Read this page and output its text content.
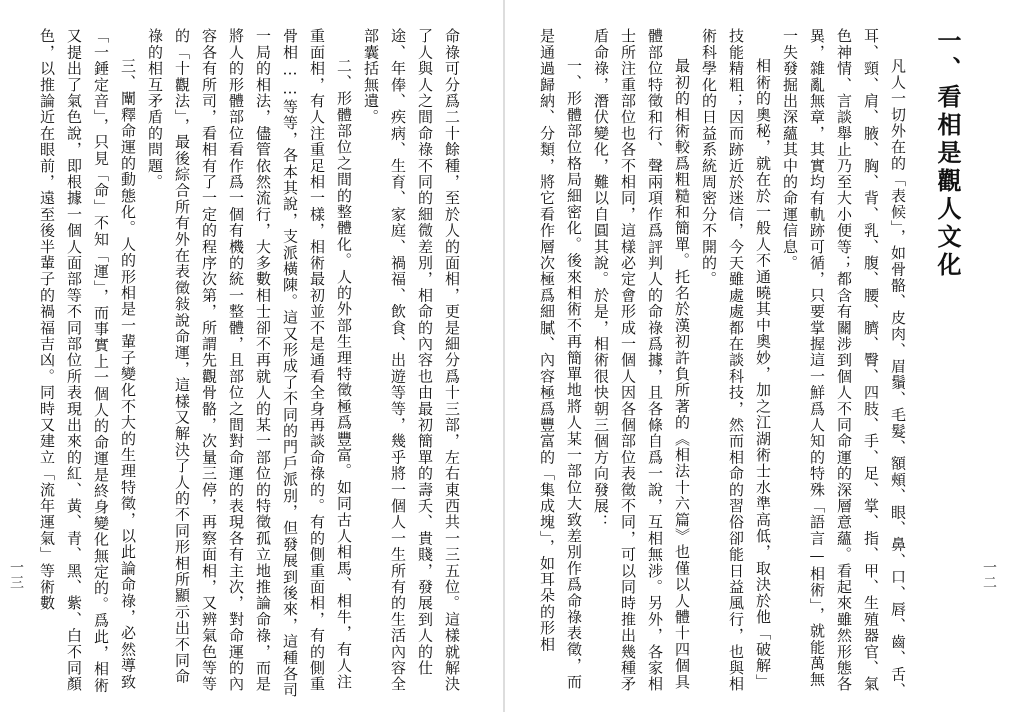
命祿可分爲二十餘種，至於人的面相，更是細分爲十三部，左右東西共一三五位。這樣就解決了人與人之間命祿不同的細微差別，相命的內容也由最初簡單的壽夭、貴賤，發展到人的仕途、年俸、疾病、生育、家庭、禍福、飲食、出遊等等，幾乎將一個人一生所有的生活內容全部囊括無遺。

二、形體部位之間的整體化。人的外部生理特徵極爲豐富。如同古人相馬、相牛，有人注重面相，有人注重足相一樣，相術最初並不是通看全身再談命祿的。有的側重面相，有的側重骨相……等等，各本其說，支派橫陳。這又形成了不同的門戶派別，但發展到後來，這種各司一局的相法，儘管依然流行，大多數相士卻不再就人的某一部位的特徵孤立地推論命祿，而是將人的形體部位看作爲一個有機的統一整體，且部位之間對命運的表現各有主次，對命運的內容各有所司，看相有了一定的程序次第，所謂先觀骨骼，次量三停，再察面相，又辨氣色等等的「十觀法」，最後綜合所有外在表徵敍說命運，這樣又解決了人的不同形相所顯示出不同命祿的相互矛盾的問題。

三、闡釋命運的動態化。人的形相是一輩子變化不大的生理特徵，以此論命祿，必然導致「一錘定音」，只見「命」不知「運」，而事實上一個人的命運是終身變化無定的。爲此，相術又提出了氣色說，即根據一個人面部等不同部位所表現出來的紅、黃、青、黑、紫、白不同顏色，以推論近在眼前，遠至後半輩子的禍福吉凶。同時又建立「流年運氣」等術數

一三
一、看相是觀人文化

凡人一切外在的「表候」，如骨骼、皮肉、眉鬚、毛髮、額頰、眼、鼻、口、唇、齒、舌、耳、頸、肩、腋、胸、背、乳、腹、腰、臍、臀、四肢、手、足、掌、指、甲、生殖器官、氣色神情、言談舉止乃至大小便等；都含有關涉到個人不同命運的深層意蘊。看起來雖然形態各異，雜亂無章，其實均有軌跡可循，只要掌握這一鮮爲人知的特殊「語言—相術」，就能萬無一失發掘出深蘊其中的命運信息。

相術的奧秘，就在於一般人不通曉其中奧妙，加之江湖術士水準高低，取決於他「破解」技能精粗；因而跡近於迷信，今天雖處處都在談科技，然而相命的習俗卻能日益風行，也與相術科學化的日益系統周密分不開的。

最初的相術較爲粗糙和簡單。托名於漢初許負所著的《相法十六篇》也僅以人體十四個具體部位特徵和行、聲兩項作爲評判人的命祿爲據，且各條自爲一說，互相無涉。另外，各家相士所注重部位也各不相同，這樣必定會形成一個人因各個部位表徵不同，可以同時推出幾種矛盾命祿，潛伏變化，難以自圓其說。於是，相術很快朝三個方向發展：

一、形體部位格局細密化。後來相術不再簡單地將人某一部位大致差別作爲命祿表徵，而是通過歸納、分類，將它看作層次極爲細膩、內容極爲豐富的「集成塊」，如耳朵的形相	一二
